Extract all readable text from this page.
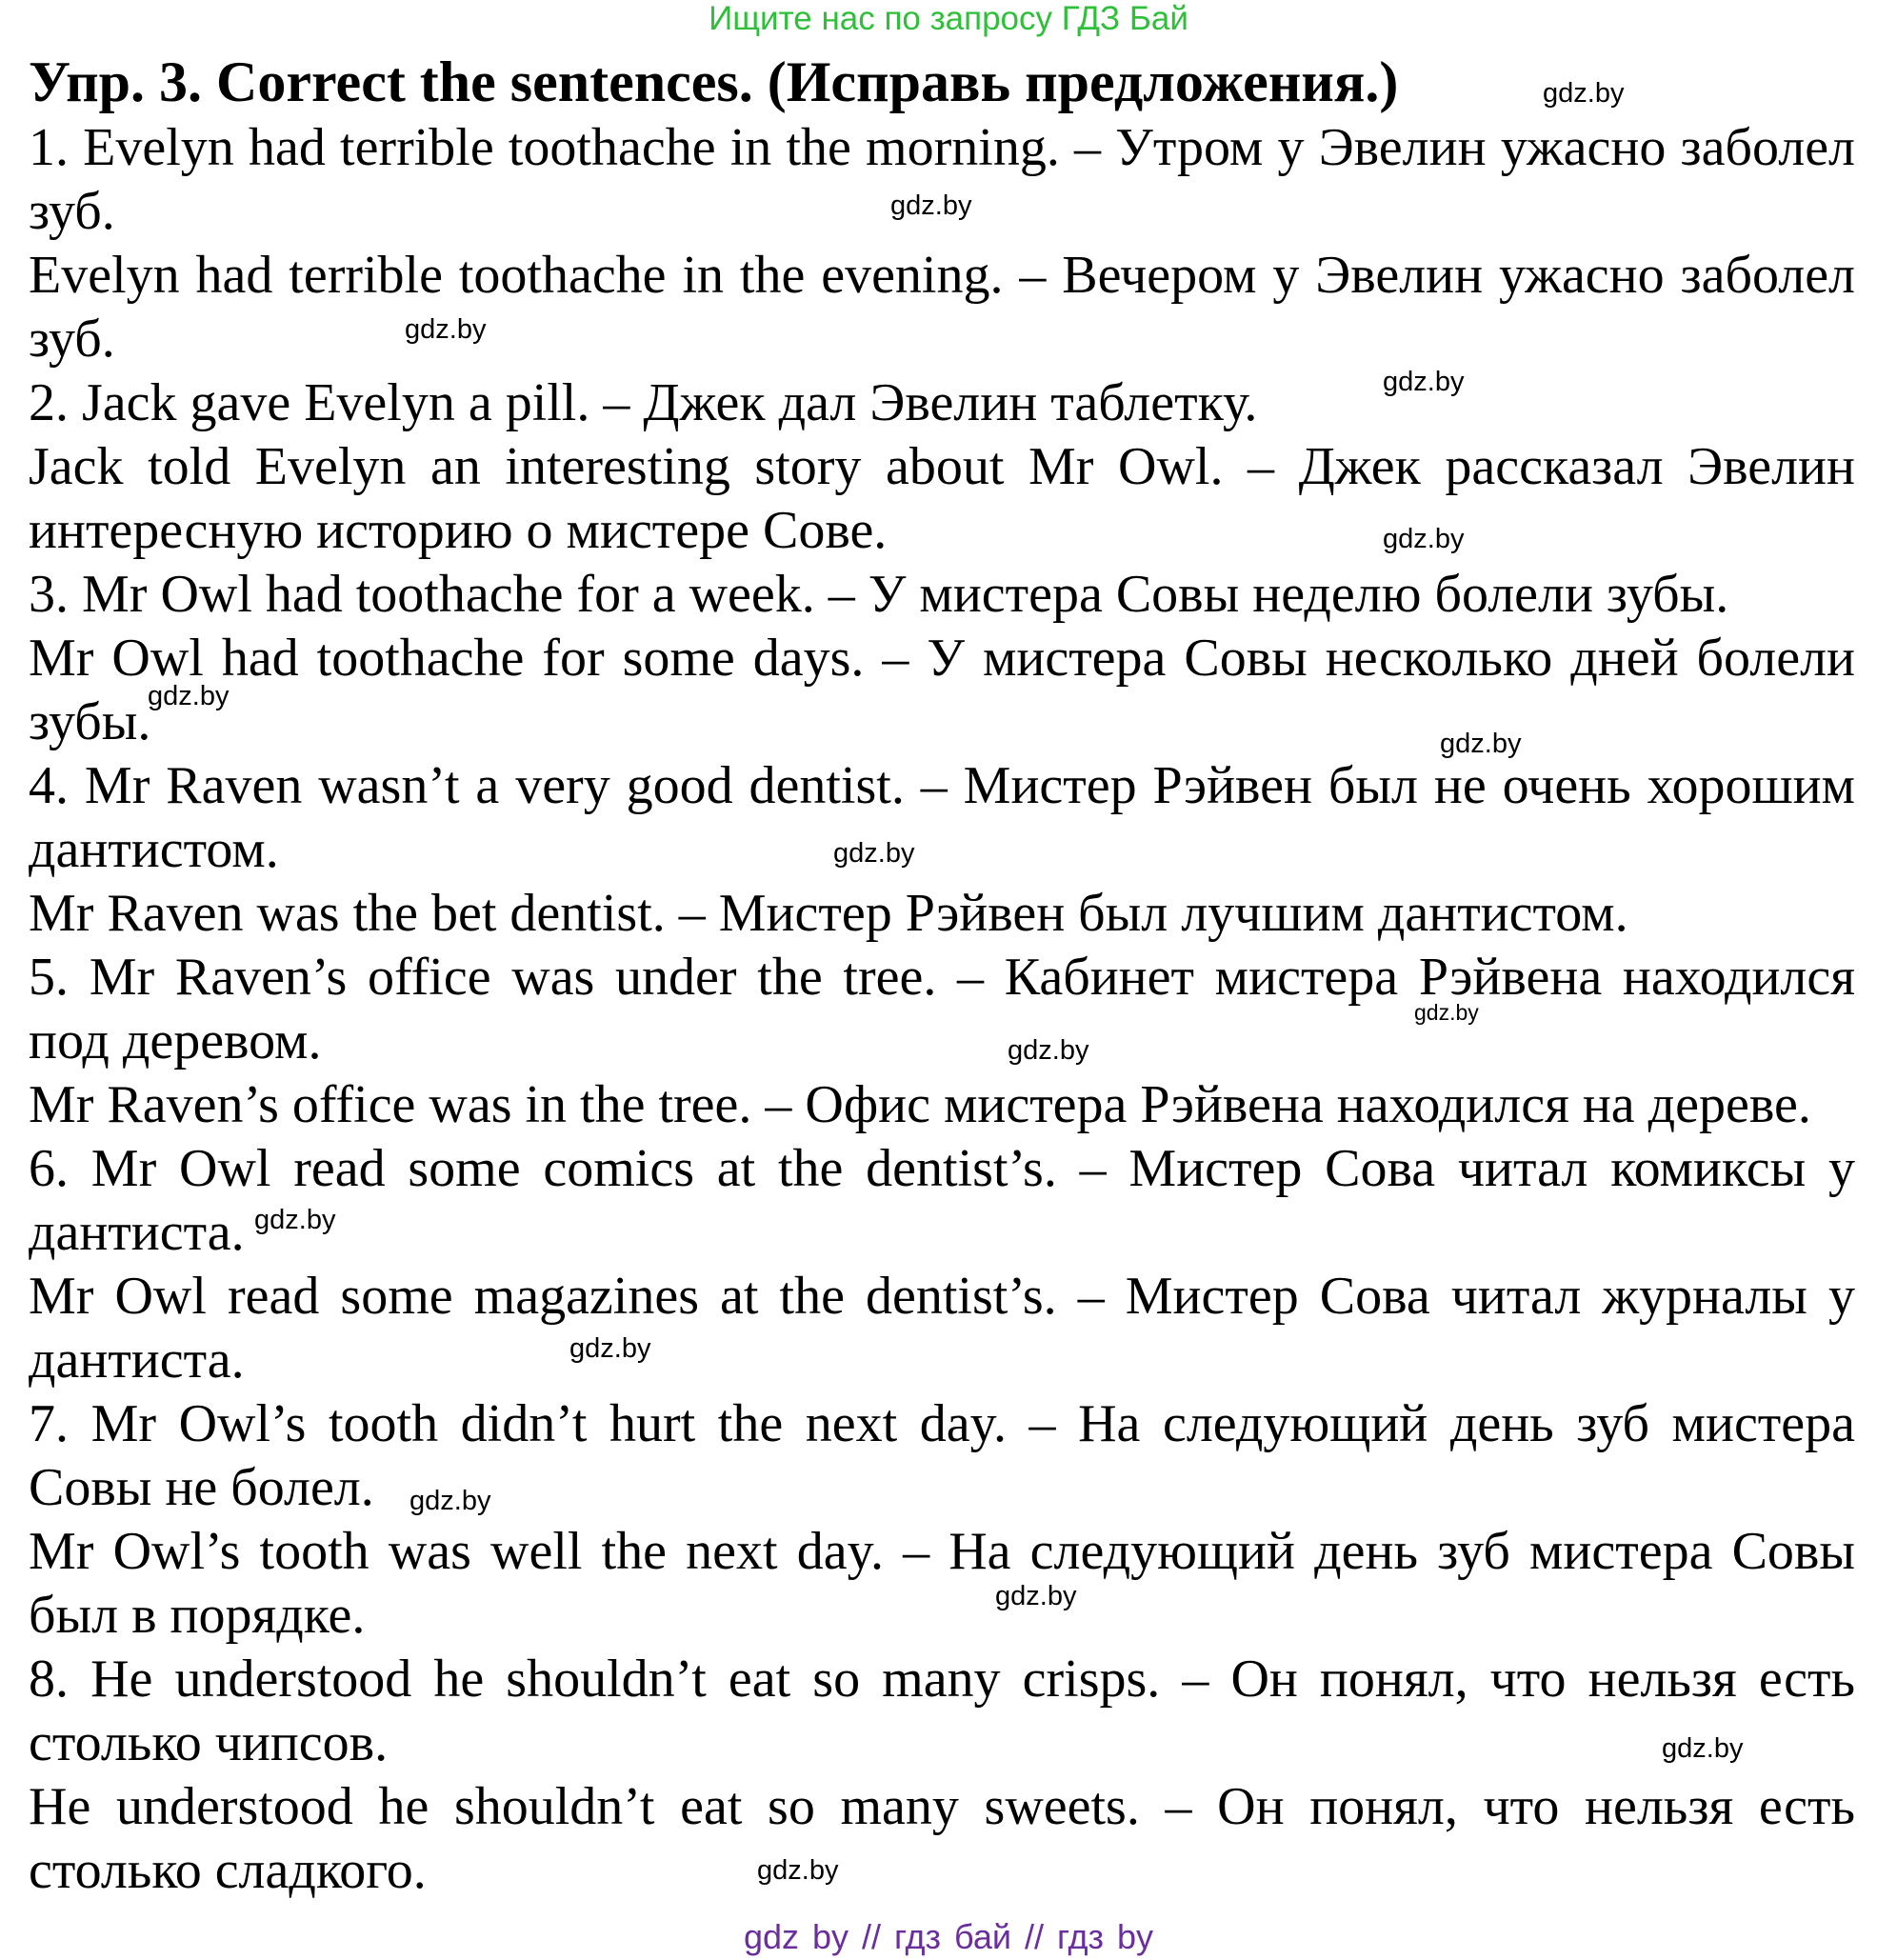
Ищите нас по запросу ГДЗ Бай

Упр. 3. Correct the sentences. (Исправь предложения.)

1. Evelyn had terrible toothache in the morning. – Утром у Эвелин ужасно заболел зуб.

Evelyn had terrible toothache in the evening. – Вечером у Эвелин ужасно заболел зуб.

2. Jack gave Evelyn a pill. – Джек дал Эвелин таблетку.

Jack told Evelyn an interesting story about Mr Owl. – Джек рассказал Эвелин интересную историю о мистере Сове.

3. Mr Owl had toothache for a week. – У мистера Совы неделю болели зубы.

Mr Owl had toothache for some days. – У мистера Совы несколько дней болели зубы.

4. Mr Raven wasn’t a very good dentist. – Мистер Рэйвен был не очень хорошим дантистом.

Mr Raven was the bet dentist. – Мистер Рэйвен был лучшим дантистом.

5. Mr Raven’s office was under the tree. – Кабинет мистера Рэйвена находился под деревом.

Mr Raven’s office was in the tree. – Офис мистера Рэйвена находился на дереве.

6. Mr Owl read some comics at the dentist’s. – Мистер Сова читал комиксы у дантиста.

Mr Owl read some magazines at the dentist’s. – Мистер Сова читал журналы у дантиста.

7. Mr Owl’s tooth didn’t hurt the next day. – На следующий день зуб мистера Совы не болел.

Mr Owl’s tooth was well the next day. – На следующий день зуб мистера Совы был в порядке.

8. He understood he shouldn’t eat so many crisps. – Он понял, что нельзя есть столько чипсов.

He understood he shouldn’t eat so many sweets. – Он понял, что нельзя есть столько сладкого.

gdz.by
gdz.by
gdz.by
gdz.by
gdz.by
gdz.by
gdz.by
gdz.by
gdz.by
gdz.by
gdz.by
gdz.by
gdz.by
gdz.by
gdz.by
gdz.by
gdz by // гдз бай // гдз by
